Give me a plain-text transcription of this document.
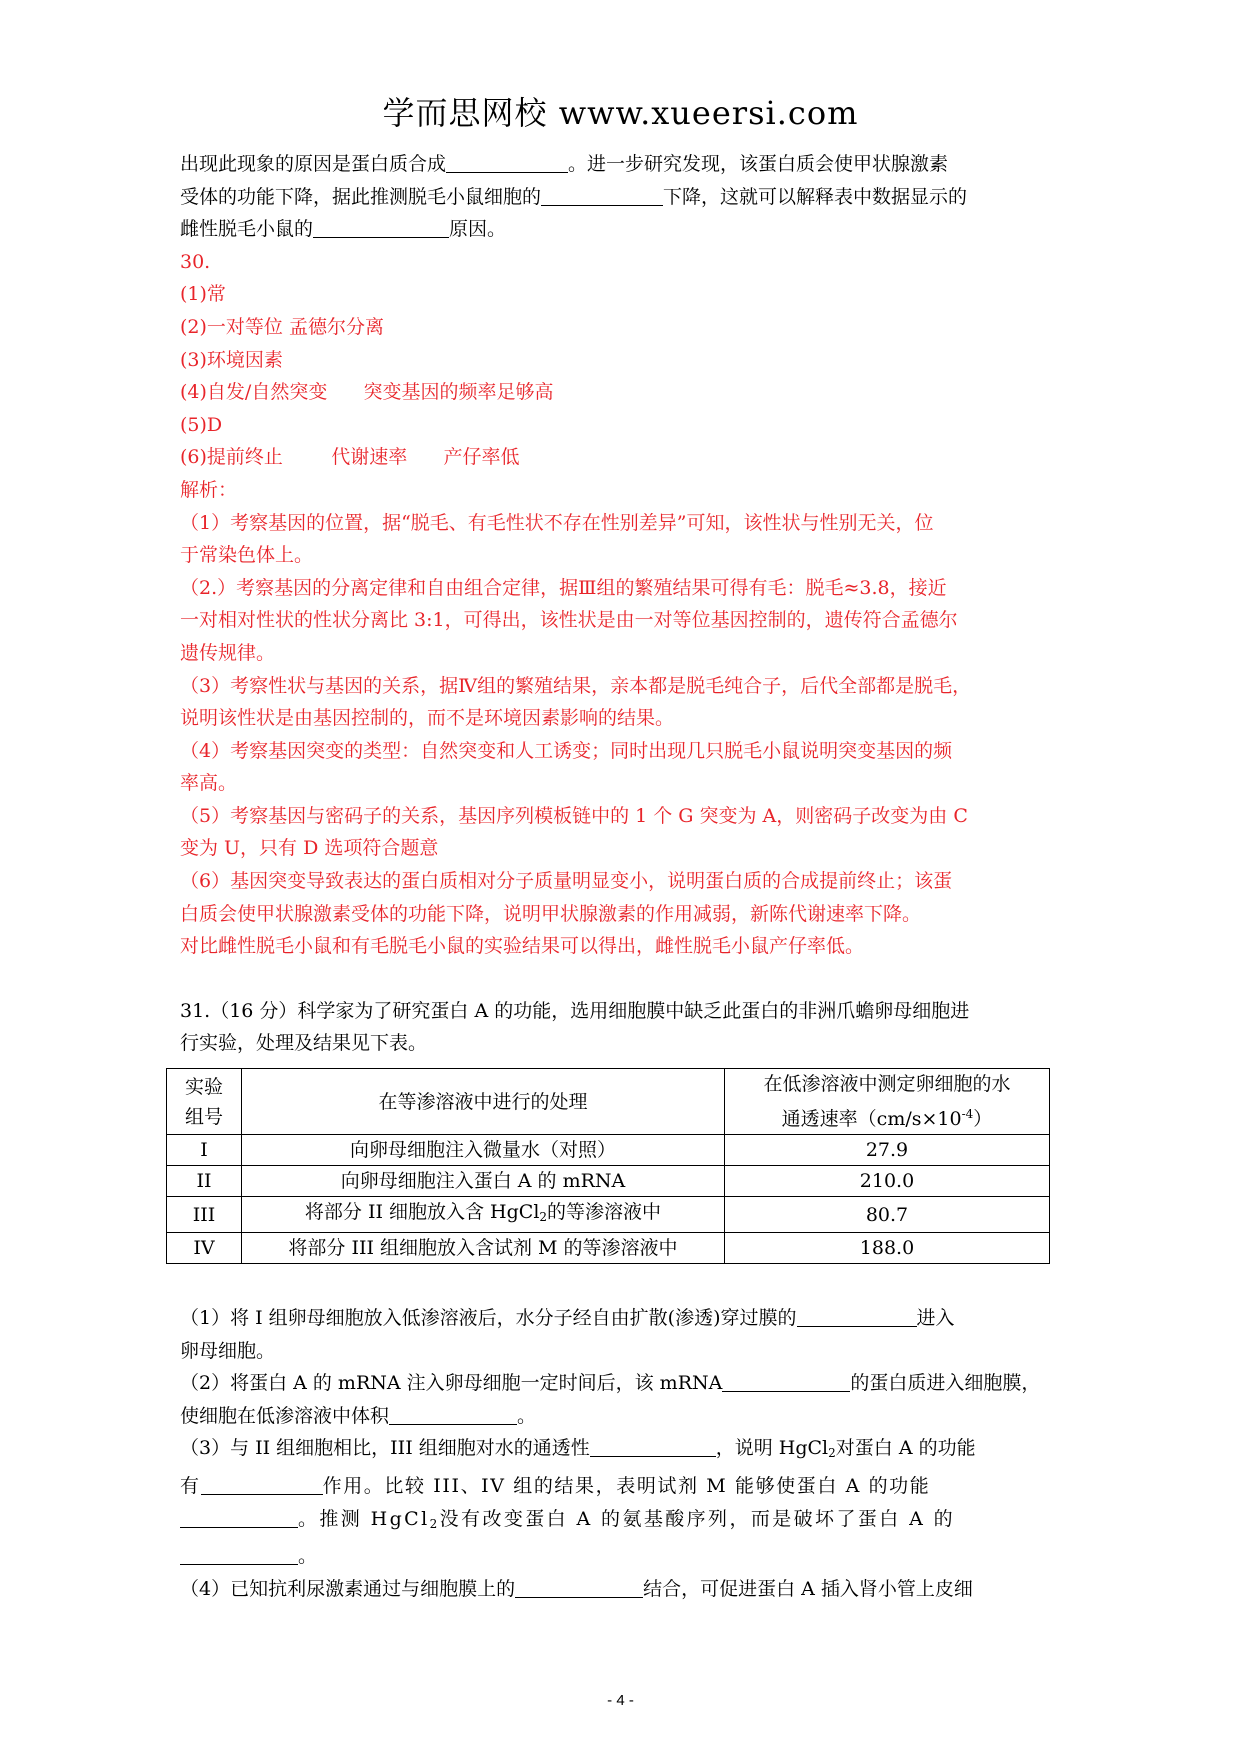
学而思网校 www.xueersi.com

出现此现象的原因是蛋白质合成	。进一步研究发现，该蛋白质会使甲状腺激素

受体的功能下降，据此推测脱毛小鼠细胞的	下降，这就可以解释表中数据显示的

雌性脱毛小鼠的	原因。

30.

(1)常

(2)一对等位 孟德尔分离

(3)环境因素

(4)自发/自然突变      突变基因的频率足够高

(5)D

(6)提前终止        代谢速率      产仔率低

解析：

（1）考察基因的位置，据“脱毛、有毛性状不存在性别差异”可知，该性状与性别无关，位

于常染色体上。

（2.）考察基因的分离定律和自由组合定律，据Ⅲ组的繁殖结果可得有毛：脱毛≈3.8，接近

一对相对性状的性状分离比 3:1，可得出，该性状是由一对等位基因控制的，遗传符合孟德尔

遗传规律。

（3）考察性状与基因的关系，据Ⅳ组的繁殖结果，亲本都是脱毛纯合子，后代全部都是脱毛，

说明该性状是由基因控制的，而不是环境因素影响的结果。

（4）考察基因突变的类型：自然突变和人工诱变；同时出现几只脱毛小鼠说明突变基因的频

率高。

（5）考察基因与密码子的关系，基因序列模板链中的 1 个 G 突变为 A，则密码子改变为由 C

变为 U，只有 D 选项符合题意

（6）基因突变导致表达的蛋白质相对分子质量明显变小，说明蛋白质的合成提前终止；该蛋

白质会使甲状腺激素受体的功能下降，说明甲状腺激素的作用减弱，新陈代谢速率下降。

对比雌性脱毛小鼠和有毛脱毛小鼠的实验结果可以得出，雌性脱毛小鼠产仔率低。

31.（16 分）科学家为了研究蛋白 A 的功能，选用细胞膜中缺乏此蛋白的非洲爪蟾卵母细胞进

行实验，处理及结果见下表。

实验
组号	在等渗溶液中进行的处理	在低渗溶液中测定卵细胞的水
通透速率$(cm/s\times 10^{-4})$
I	向卵母细胞注入微量水（对照）	27.9
II	向卵母细胞注入蛋白 A 的 mRNA	210.0
III	将部分 II 细胞放入含 HgCl$_2$的等渗溶液中	80.7
IV	将部分 III 组细胞放入含试剂 M 的等渗溶液中	188.0

（1）将 I 组卵母细胞放入低渗溶液后，水分子经自由扩散(渗透)穿过膜的	进入

卵母细胞。

（2）将蛋白 A 的 mRNA 注入卵母细胞一定时间后，该 mRNA	的蛋白质进入细胞膜，

使细胞在低渗溶液中体积	。

（3）与 II 组细胞相比，III 组细胞对水的通透性	，说明 HgCl$_2$对蛋白 A 的功能

有	作用。比较 III、IV 组的结果，表明试剂 M 能够使蛋白 A 的功能

。推测 HgCl$_2$没有改变蛋白 A 的氨基酸序列，而是破坏了蛋白 A 的

。

（4）已知抗利尿激素通过与细胞膜上的	结合，可促进蛋白 A 插入肾小管上皮细

- 4 -
